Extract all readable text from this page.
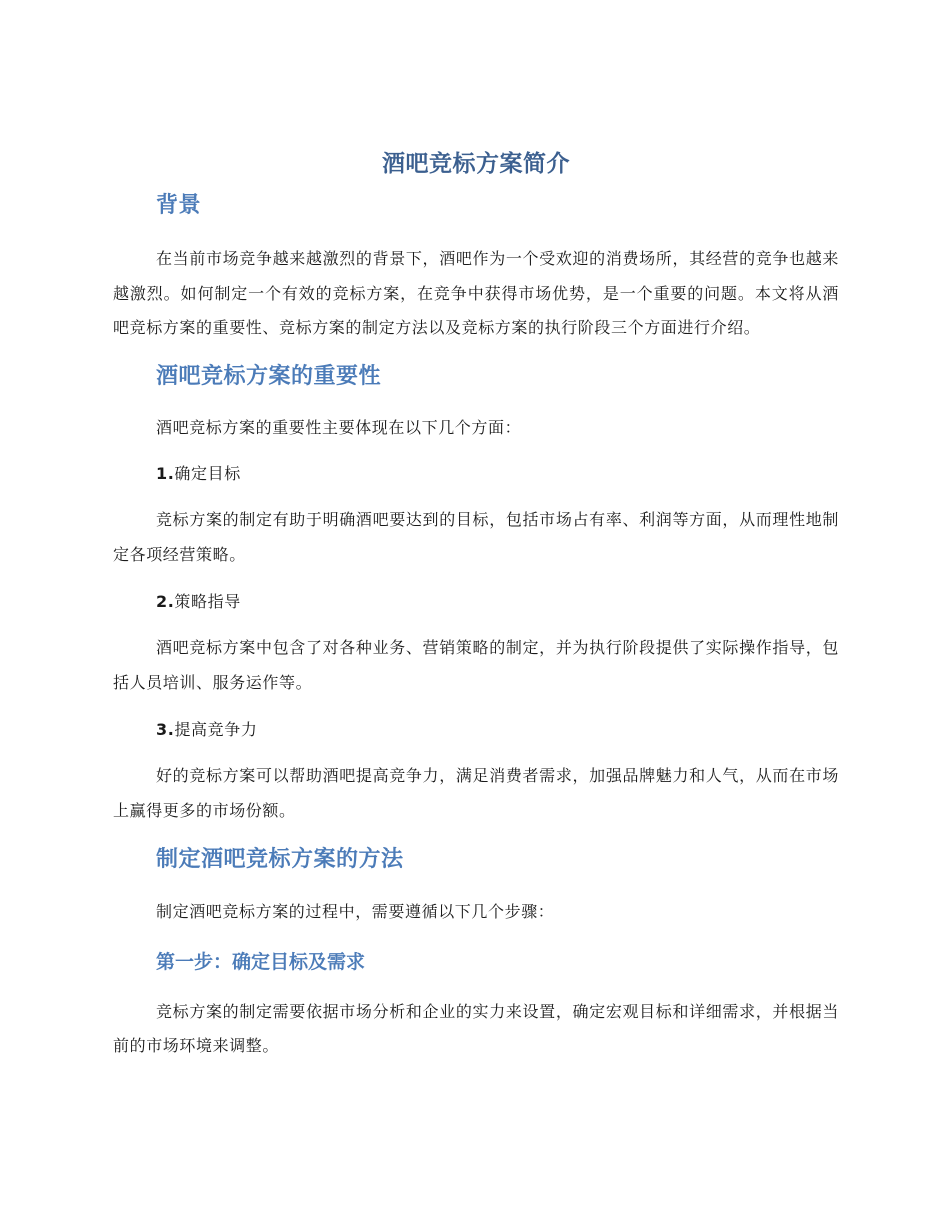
酒吧竞标方案简介
背景

在当前市场竞争越来越激烈的背景下，酒吧作为一个受欢迎的消费场所，其经营的竞争也越来越激烈。如何制定一个有效的竞标方案，在竞争中获得市场优势，是一个重要的问题。本文将从酒吧竞标方案的重要性、竞标方案的制定方法以及竞标方案的执行阶段三个方面进行介绍。

酒吧竞标方案的重要性

酒吧竞标方案的重要性主要体现在以下几个方面：

1.确定目标

竞标方案的制定有助于明确酒吧要达到的目标，包括市场占有率、利润等方面，从而理性地制定各项经营策略。

2.策略指导

酒吧竞标方案中包含了对各种业务、营销策略的制定，并为执行阶段提供了实际操作指导，包括人员培训、服务运作等。

3.提高竞争力

好的竞标方案可以帮助酒吧提高竞争力，满足消费者需求，加强品牌魅力和人气，从而在市场上赢得更多的市场份额。

制定酒吧竞标方案的方法

制定酒吧竞标方案的过程中，需要遵循以下几个步骤：

第一步：确定目标及需求

竞标方案的制定需要依据市场分析和企业的实力来设置，确定宏观目标和详细需求，并根据当前的市场环境来调整。
